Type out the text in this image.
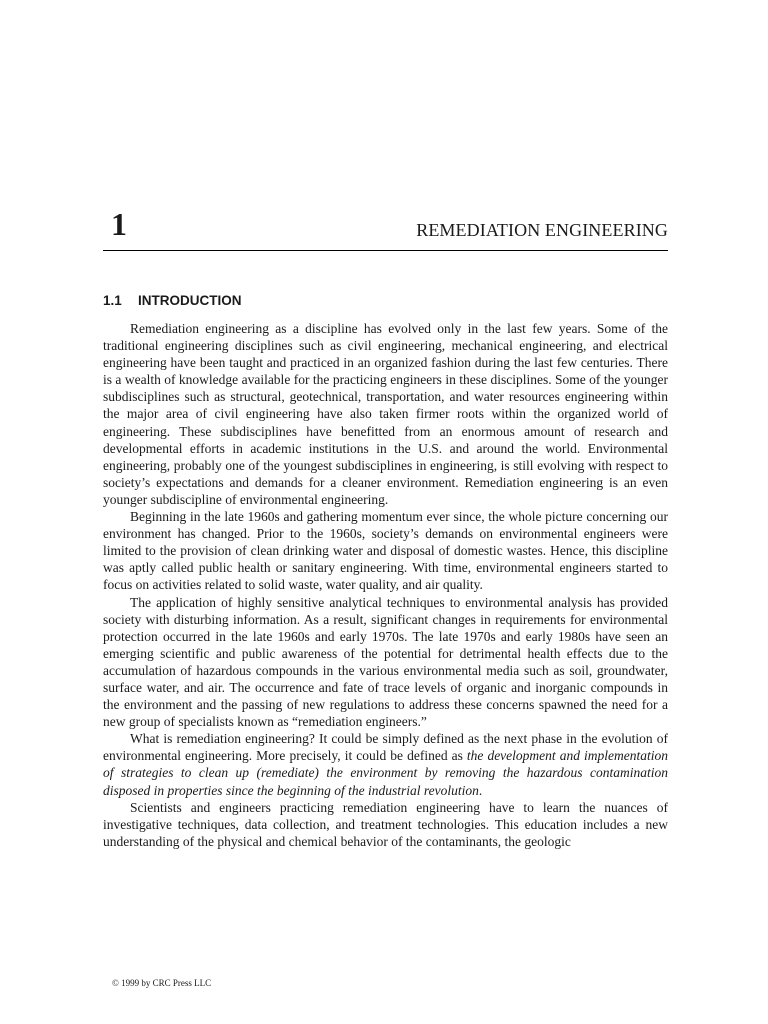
1	REMEDIATION ENGINEERING
1.1 INTRODUCTION

Remediation engineering as a discipline has evolved only in the last few years. Some of the traditional engineering disciplines such as civil engineering, mechanical engineering, and electrical engineering have been taught and practiced in an organized fashion during the last few centuries. There is a wealth of knowledge available for the practicing engineers in these disciplines. Some of the younger subdisciplines such as structural, geotechnical, transportation, and water resources engineering within the major area of civil engineering have also taken firmer roots within the organized world of engineering. These subdisciplines have benefitted from an enormous amount of research and developmental efforts in academic institutions in the U.S. and around the world. Environmental engineering, probably one of the youngest subdisciplines in engineering, is still evolving with respect to society’s expectations and demands for a cleaner environment. Remediation engineering is an even younger subdiscipline of environmental engineering.

Beginning in the late 1960s and gathering momentum ever since, the whole picture concerning our environment has changed. Prior to the 1960s, society’s demands on environmental engineers were limited to the provision of clean drinking water and disposal of domestic wastes. Hence, this discipline was aptly called public health or sanitary engineering. With time, environmental engineers started to focus on activities related to solid waste, water quality, and air quality.

The application of highly sensitive analytical techniques to environmental analysis has provided society with disturbing information. As a result, significant changes in requirements for environmental protection occurred in the late 1960s and early 1970s. The late 1970s and early 1980s have seen an emerging scientific and public awareness of the potential for detrimental health effects due to the accumulation of hazardous compounds in the various environmental media such as soil, groundwater, surface water, and air. The occurrence and fate of trace levels of organic and inorganic compounds in the environment and the passing of new regulations to address these concerns spawned the need for a new group of specialists known as “remediation engineers.”

What is remediation engineering? It could be simply defined as the next phase in the evolution of environmental engineering. More precisely, it could be defined as the development and implementation of strategies to clean up (remediate) the environment by removing the hazardous contamination disposed in properties since the beginning of the industrial revolution.

Scientists and engineers practicing remediation engineering have to learn the nuances of investigative techniques, data collection, and treatment technologies. This education includes a new understanding of the physical and chemical behavior of the contaminants, the geologic

© 1999 by CRC Press LLC
